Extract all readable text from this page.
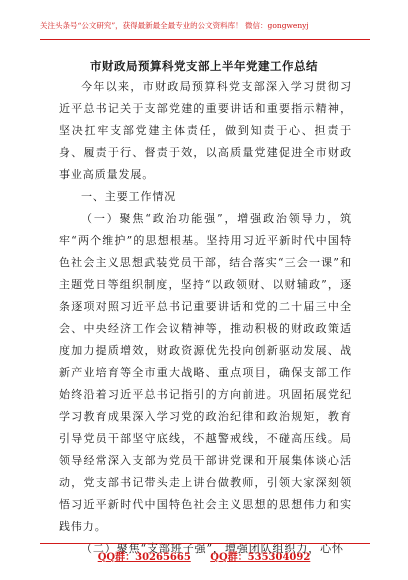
关注头条号“公文研究”，获得最新最全最专业的公文资料库！ 微信：gongwenyj
市财政局预算科党支部上半年党建工作总结

今年以来，市财政局预算科党支部深入学习贯彻习近平总书记关于支部党建的重要讲话和重要指示精神，坚决扛牢支部党建主体责任，做到知责于心、担责于身、履责于行、督责于效，以高质量党建促进全市财政事业高质量发展。

一、主要工作情况

（一）聚焦“政治功能强”，增强政治领导力，筑牢“两个维护”的思想根基。坚持用习近平新时代中国特色社会主义思想武装党员干部，结合落实“三会一课”和主题党日等组织制度，坚持“以政领财、以财辅政”，逐条逐项对照习近平总书记重要讲话和党的二十届三中全会、中央经济工作会议精神等，推动积极的财政政策适度加力提质增效，财政资源优先投向创新驱动发展、战新产业培育等全市重大战略、重点项目，确保支部工作始终沿着习近平总书记指引的方向前进。巩固拓展党纪学习教育成果深入学习党的政治纪律和政治规矩，教育引导党员干部坚守底线，不越警戒线，不碰高压线。局领导经常深入支部为党员干部讲党课和开展集体谈心活动，党支部书记带头走上讲台做教师，引领大家深刻领悟习近平新时代中国特色社会主义思想的思想伟力和实践伟力。

（二）聚焦“支部班子强”，增强团队组织力，心怀

QQ群：30265665 QQ群：535304092
